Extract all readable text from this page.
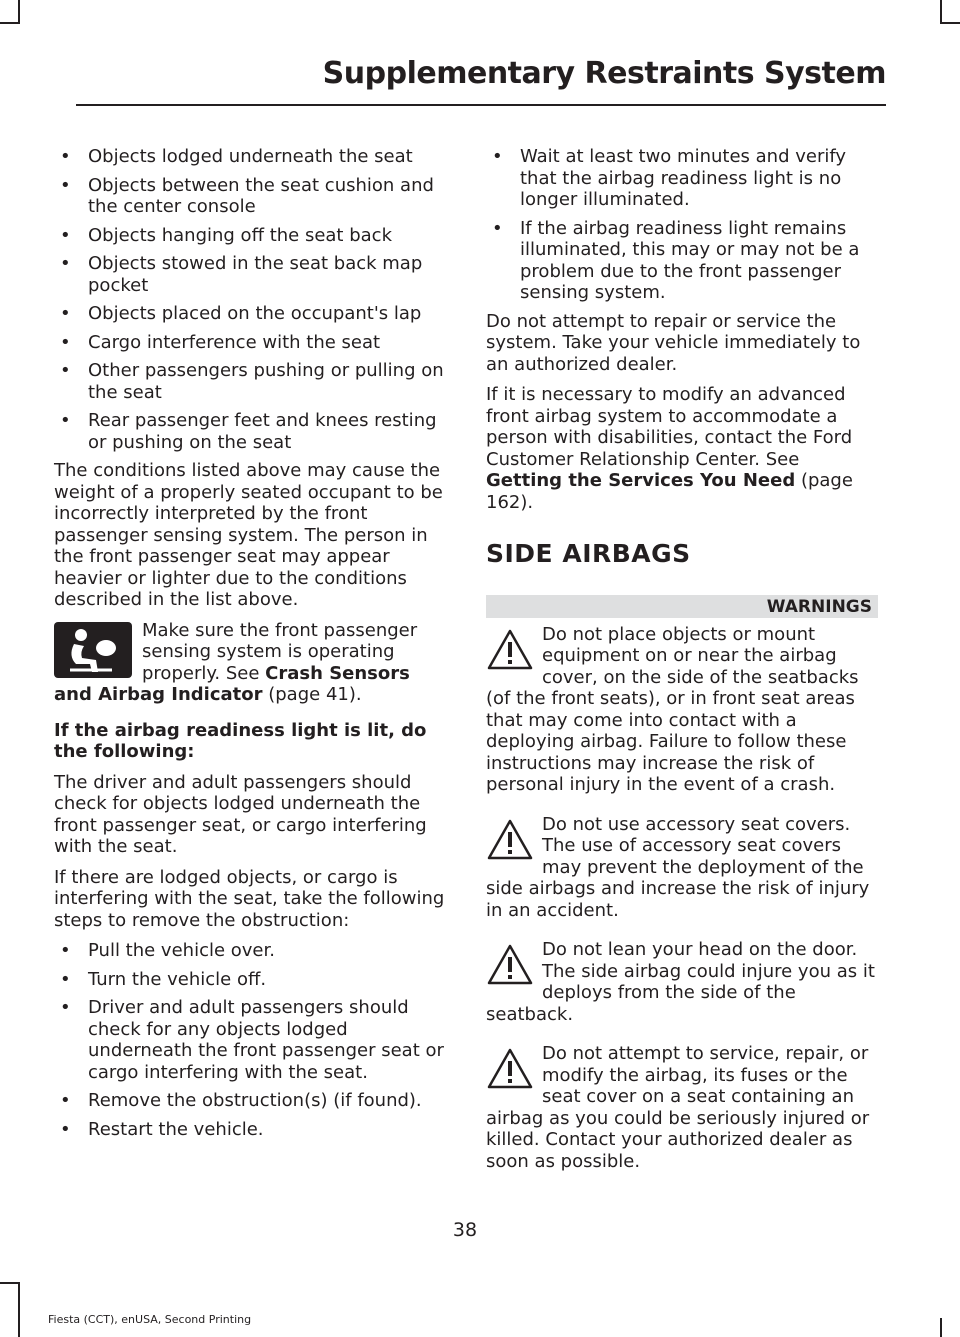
Supplementary Restraints System
• Objects lodged underneath the seat
• Objects between the seat cushion and the center console
• Objects hanging off the seat back
• Objects stowed in the seat back map pocket
• Objects placed on the occupant's lap
• Cargo interference with the seat
• Other passengers pushing or pulling on the seat
• Rear passenger feet and knees resting or pushing on the seat

The conditions listed above may cause the weight of a properly seated occupant to be incorrectly interpreted by the front passenger sensing system. The person in the front passenger seat may appear heavier or lighter due to the conditions described in the list above.

Make sure the front passenger sensing system is operating properly. See Crash Sensors and Airbag Indicator (page 41).
If the airbag readiness light is lit, do the following:

The driver and adult passengers should check for objects lodged underneath the front passenger seat, or cargo interfering with the seat.

If there are lodged objects, or cargo is interfering with the seat, take the following steps to remove the obstruction:

• Pull the vehicle over.
• Turn the vehicle off.
• Driver and adult passengers should check for any objects lodged underneath the front passenger seat or cargo interfering with the seat.
• Remove the obstruction(s) (if found).
• Restart the vehicle.
• Wait at least two minutes and verify that the airbag readiness light is no longer illuminated.
• If the airbag readiness light remains illuminated, this may or may not be a problem due to the front passenger sensing system.

Do not attempt to repair or service the system. Take your vehicle immediately to an authorized dealer.

If it is necessary to modify an advanced front airbag system to accommodate a person with disabilities, contact the Ford Customer Relationship Center. See Getting the Services You Need (page 162).

SIDE AIRBAGS
WARNINGS
Do not place objects or mount equipment on or near the airbag cover, on the side of the seatbacks (of the front seats), or in front seat areas that may come into contact with a deploying airbag. Failure to follow these instructions may increase the risk of personal injury in the event of a crash.
Do not use accessory seat covers. The use of accessory seat covers may prevent the deployment of the side airbags and increase the risk of injury in an accident.
Do not lean your head on the door. The side airbag could injure you as it deploys from the side of the seatback.
Do not attempt to service, repair, or modify the airbag, its fuses or the seat cover on a seat containing an airbag as you could be seriously injured or killed. Contact your authorized dealer as soon as possible.
38
Fiesta (CCT), enUSA, Second Printing
